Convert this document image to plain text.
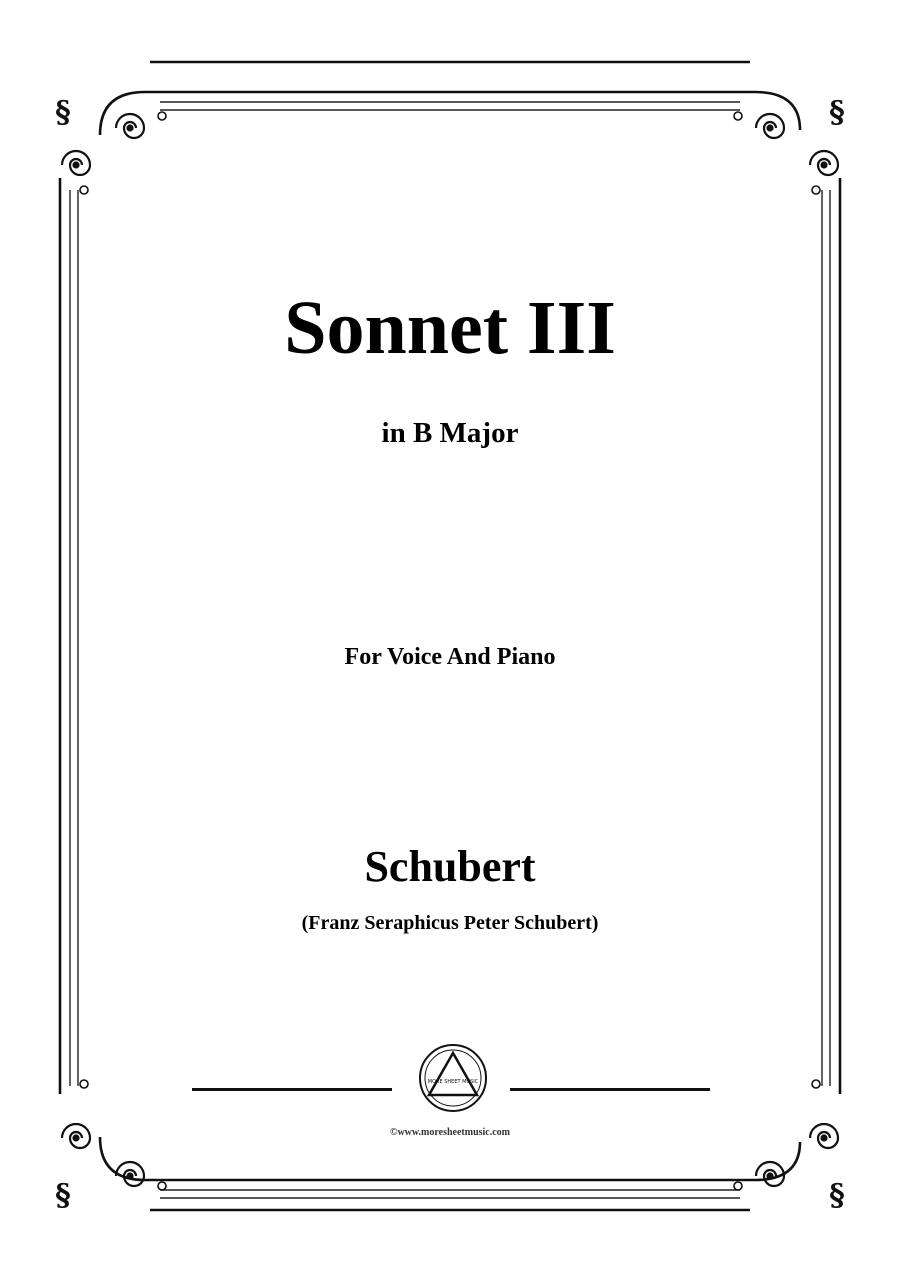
§	§
§	§
Sonnet III
in B Major
For Voice And Piano
Schubert
(Franz Seraphicus Peter Schubert)
MORE SHEET MUSIC
©www.moresheetmusic.com
